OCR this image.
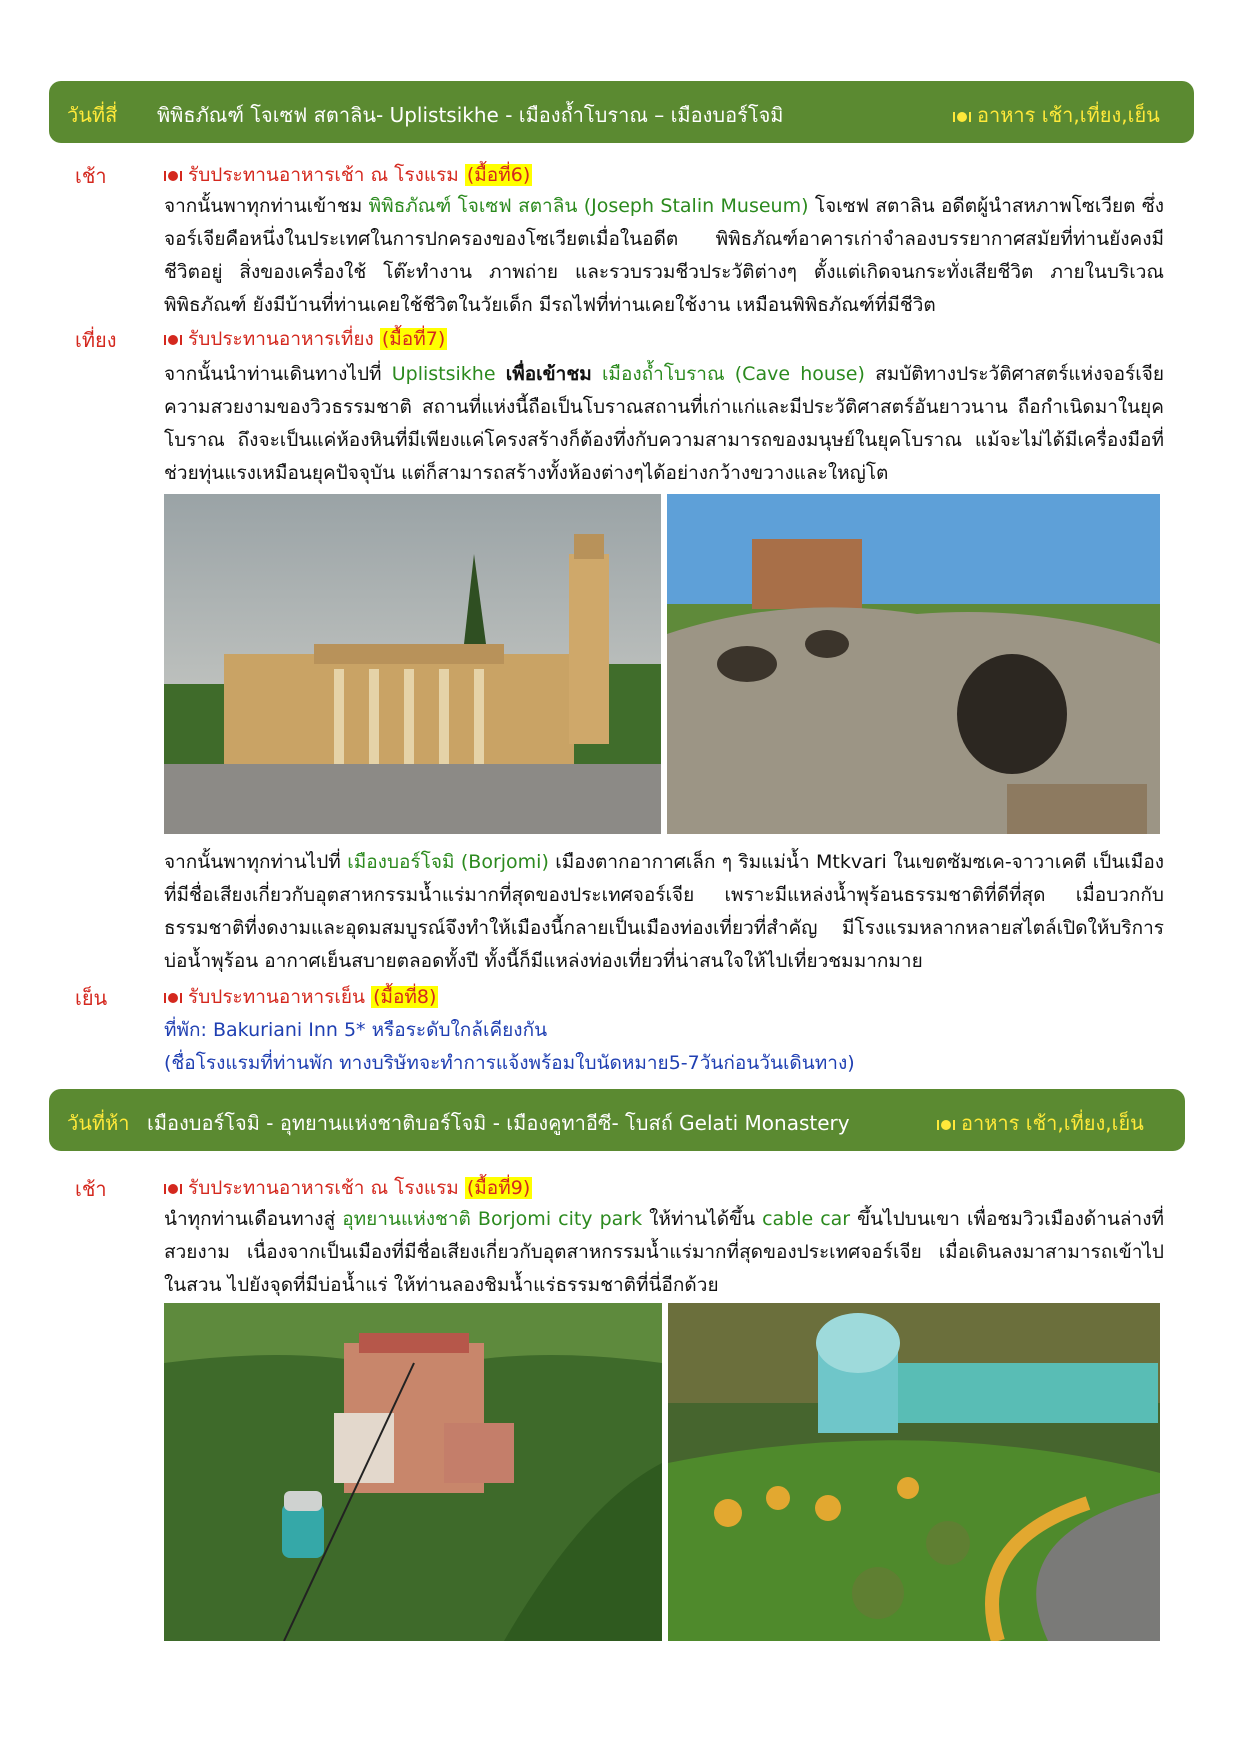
วันที่สี่ พิพิธภัณฑ์ โจเซฟ สตาลิน- Uplistsikhe - เมืองถ้ำโบราณ – เมืองบอร์โจมิ	อาหาร เช้า,เที่ยง,เย็น
เช้า	รับประทานอาหารเช้า ณ โรงแรม (มื้อที่6)
จากนั้นพาทุกท่านเข้าชม พิพิธภัณฑ์ โจเซฟ สตาลิน (Joseph Stalin Museum) โจเซฟ สตาลิน อดีตผู้นำสหภาพโซเวียต ซึ่งจอร์เจียคือหนึ่งในประเทศในการปกครองของโซเวียตเมื่อในอดีต พิพิธภัณฑ์อาคารเก่าจำลองบรรยากาศสมัยที่ท่านยังคงมีชีวิตอยู่ สิ่งของเครื่องใช้ โต๊ะทำงาน ภาพถ่าย และรวบรวมชีวประวัติต่างๆ ตั้งแต่เกิดจนกระทั่งเสียชีวิต ภายในบริเวณพิพิธภัณฑ์ ยังมีบ้านที่ท่านเคยใช้ชีวิตในวัยเด็ก มีรถไฟที่ท่านเคยใช้งาน เหมือนพิพิธภัณฑ์ที่มีชีวิต
เที่ยง	รับประทานอาหารเที่ยง (มื้อที่7)
จากนั้นนำท่านเดินทางไปที่ Uplistsikhe เพื่อเข้าชม เมืองถ้ำโบราณ (Cave house) สมบัติทางประวัติศาสตร์แห่งจอร์เจีย ความสวยงามของวิวธรรมชาติ สถานที่แห่งนี้ถือเป็นโบราณสถานที่เก่าแก่และมีประวัติศาสตร์อันยาวนาน ถือกำเนิดมาในยุคโบราณ ถึงจะเป็นแค่ห้องหินที่มีเพียงแค่โครงสร้างก็ต้องทึ่งกับความสามารถของมนุษย์ในยุคโบราณ แม้จะไม่ได้มีเครื่องมือที่ช่วยทุ่นแรงเหมือนยุคปัจจุบัน แต่ก็สามารถสร้างทั้งห้องต่างๆได้อย่างกว้างขวางและใหญ่โต
จากนั้นพาทุกท่านไปที่ เมืองบอร์โจมิ (Borjomi) เมืองตากอากาศเล็ก ๆ ริมแม่น้ำ Mtkvari ในเขตซัมซเค-จาวาเคตี เป็นเมืองที่มีชื่อเสียงเกี่ยวกับอุตสาหกรรมน้ำแร่มากที่สุดของประเทศจอร์เจีย เพราะมีแหล่งน้ำพุร้อนธรรมชาติที่ดีที่สุด เมื่อบวกกับธรรมชาติที่งดงามและอุดมสมบูรณ์จึงทำให้เมืองนี้กลายเป็นเมืองท่องเที่ยวที่สำคัญ มีโรงแรมหลากหลายสไตล์เปิดให้บริการบ่อน้ำพุร้อน อากาศเย็นสบายตลอดทั้งปี ทั้งนี้ก็มีแหล่งท่องเที่ยวที่น่าสนใจให้ไปเที่ยวชมมากมาย
เย็น	รับประทานอาหารเย็น (มื้อที่8)
ที่พัก: Bakuriani Inn 5* หรือระดับใกล้เคียงกัน
(ชื่อโรงแรมที่ท่านพัก ทางบริษัทจะทำการแจ้งพร้อมใบนัดหมาย5-7วันก่อนวันเดินทาง)
วันที่ห้า เมืองบอร์โจมิ - อุทยานแห่งชาติบอร์โจมิ - เมืองคูทาอีซี- โบสถ์ Gelati Monastery	อาหาร เช้า,เที่ยง,เย็น
เช้า	รับประทานอาหารเช้า ณ โรงแรม (มื้อที่9)
นำทุกท่านเดือนทางสู่ อุทยานแห่งชาติ Borjomi city park ให้ท่านได้ขึ้น cable car ขึ้นไปบนเขา เพื่อชมวิวเมืองด้านล่างที่สวยงาม เนื่องจากเป็นเมืองที่มีชื่อเสียงเกี่ยวกับอุตสาหกรรมน้ำแร่มากที่สุดของประเทศจอร์เจีย เมื่อเดินลงมาสามารถเข้าไปในสวน ไปยังจุดที่มีบ่อน้ำแร่ ให้ท่านลองชิมน้ำแร่ธรรมชาติที่นี่อีกด้วย
